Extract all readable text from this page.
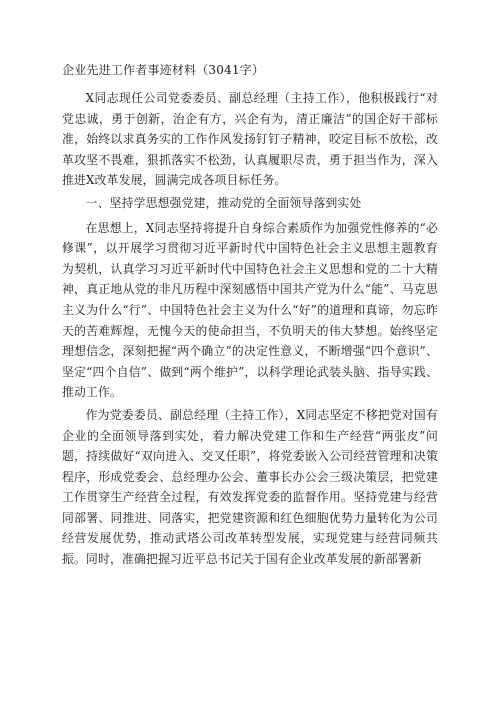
企业先进工作者事迹材料（3041字）

X同志现任公司党委委员、副总经理（主持工作），他积极践行“对党忠诚，勇于创新，治企有方，兴企有为，清正廉洁”的国企好干部标准，始终以求真务实的工作作风发扬钉钉子精神，咬定目标不放松，改革攻坚不畏难，狠抓落实不松劲，认真履职尽责，勇于担当作为，深入推进X改革发展，圆满完成各项目标任务。

一、坚持学思想强党建，推动党的全面领导落到实处

在思想上，X同志坚持将提升自身综合素质作为加强党性修养的“必修课”，以开展学习贯彻习近平新时代中国特色社会主义思想主题教育为契机，认真学习习近平新时代中国特色社会主义思想和党的二十大精神，真正地从党的非凡历程中深刻感悟中国共产党为什么“能”、马克思主义为什么“行”、中国特色社会主义为什么“好”的道理和真谛，勿忘昨天的苦难辉煌，无愧今天的使命担当，不负明天的伟大梦想。始终坚定理想信念，深刻把握“两个确立”的决定性意义，不断增强“四个意识”、坚定“四个自信”、做到“两个维护”，以科学理论武装头脑、指导实践、推动工作。

作为党委委员、副总经理（主持工作），X同志坚定不移把党对国有企业的全面领导落到实处，着力解决党建工作和生产经营“两张皮”问题，持续做好“双向进入、交叉任职”，将党委嵌入公司经营管理和决策程序，形成党委会、总经理办公会、董事长办公会三级决策层，把党建工作贯穿生产经营全过程，有效发挥党委的监督作用。坚持党建与经营同部署、同推进、同落实，把党建资源和红色细胞优势力量转化为公司经营发展优势，推动武塔公司改革转型发展，实现党建与经营同频共振。同时，准确把握习近平总书记关于国有企业改革发展的新部署新
